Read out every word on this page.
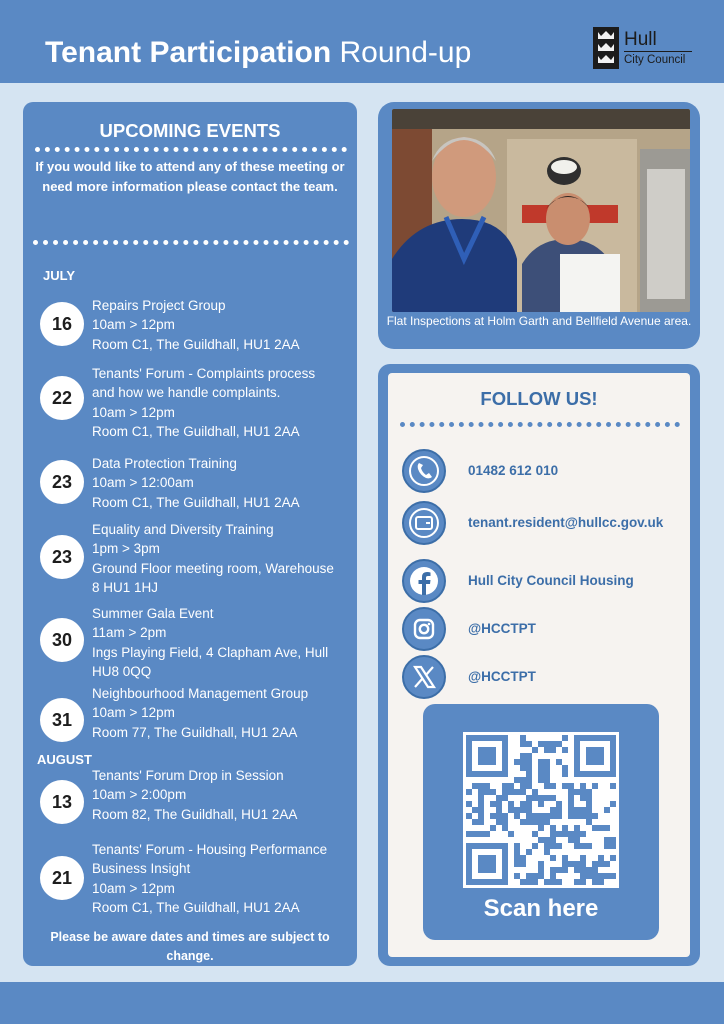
Tenant Participation Round-up	Hull
City Council
UPCOMING EVENTS
If you would like to attend any of these meeting or need more information please contact the team.
JULY
AUGUST
16
Repairs Project Group
10am > 12pm
Room C1, The Guildhall, HU1 2AA
22
Tenants' Forum - Complaints process
and how we handle complaints.
10am > 12pm
Room C1, The Guildhall, HU1 2AA
23
Data Protection Training
10am > 12:00am
Room C1, The Guildhall, HU1 2AA
23
Equality and Diversity Training
1pm > 3pm
Ground Floor meeting room, Warehouse
8 HU1 1HJ
30
Summer Gala Event
11am > 2pm
Ings Playing Field, 4 Clapham Ave, Hull
HU8 0QQ
31
Neighbourhood Management Group
10am > 12pm
Room 77, The Guildhall, HU1 2AA
13
Tenants' Forum Drop in Session
10am > 2:00pm
Room 82, The Guildhall, HU1 2AA
21
Tenants' Forum - Housing Performance
Business Insight
10am > 12pm
Room C1, The Guildhall, HU1 2AA
Please be aware dates and times are subject to change.
Flat Inspections at Holm Garth and Bellfield Avenue area.
FOLLOW US!
01482 612 010
tenant.resident@hullcc.gov.uk
Hull City Council Housing
@HCCTPT
@HCCTPT
Scan here
